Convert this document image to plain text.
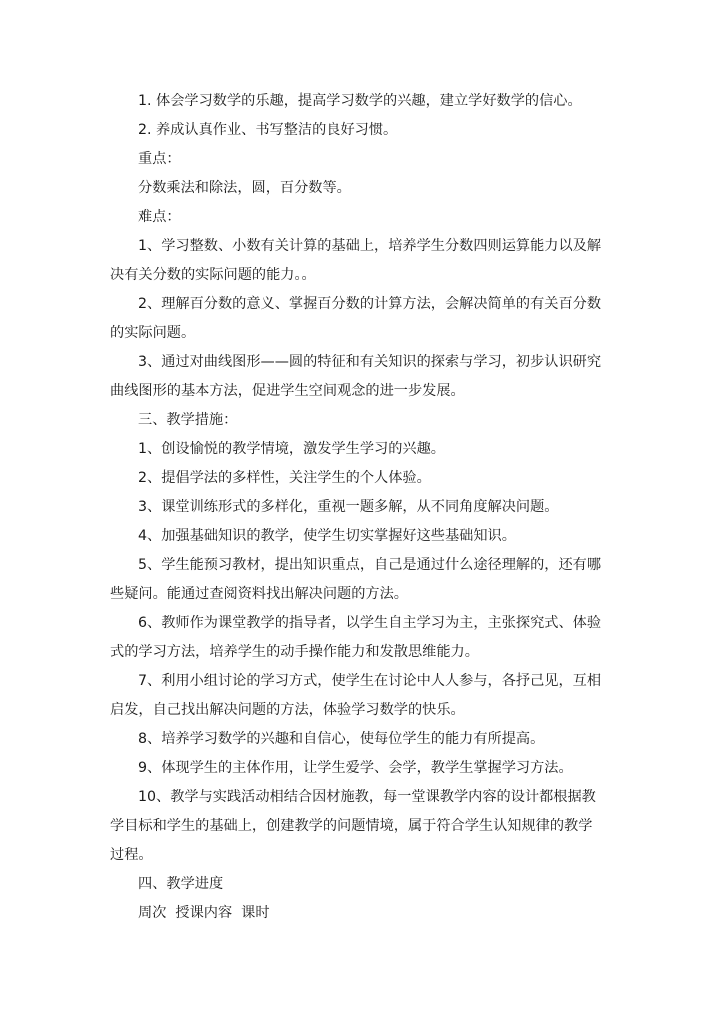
1. 体会学习数学的乐趣，提高学习数学的兴趣，建立学好数学的信心。
2. 养成认真作业、书写整洁的良好习惯。
重点：
分数乘法和除法，圆，百分数等。
难点：
1、学习整数、小数有关计算的基础上，培养学生分数四则运算能力以及解
决有关分数的实际问题的能力。。
2、理解百分数的意义、掌握百分数的计算方法，会解决简单的有关百分数
的实际问题。
3、通过对曲线图形——圆的特征和有关知识的探索与学习，初步认识研究
曲线图形的基本方法，促进学生空间观念的进一步发展。
三、教学措施：
1、创设愉悦的教学情境，激发学生学习的兴趣。
2、提倡学法的多样性，关注学生的个人体验。
3、课堂训练形式的多样化，重视一题多解，从不同角度解决问题。
4、加强基础知识的教学，使学生切实掌握好这些基础知识。
5、学生能预习教材，提出知识重点，自己是通过什么途径理解的，还有哪
些疑问。能通过查阅资料找出解决问题的方法。
6、教师作为课堂教学的指导者，以学生自主学习为主，主张探究式、体验
式的学习方法，培养学生的动手操作能力和发散思维能力。
7、利用小组讨论的学习方式，使学生在讨论中人人参与，各抒己见，互相
启发，自己找出解决问题的方法，体验学习数学的快乐。
8、培养学习数学的兴趣和自信心，使每位学生的能力有所提高。
9、体现学生的主体作用，让学生爱学、会学，教学生掌握学习方法。
10、教学与实践活动相结合因材施教，每一堂课教学内容的设计都根据教
学目标和学生的基础上，创建教学的问题情境，属于符合学生认知规律的教学
过程。
四、教学进度
周次  授课内容  课时
